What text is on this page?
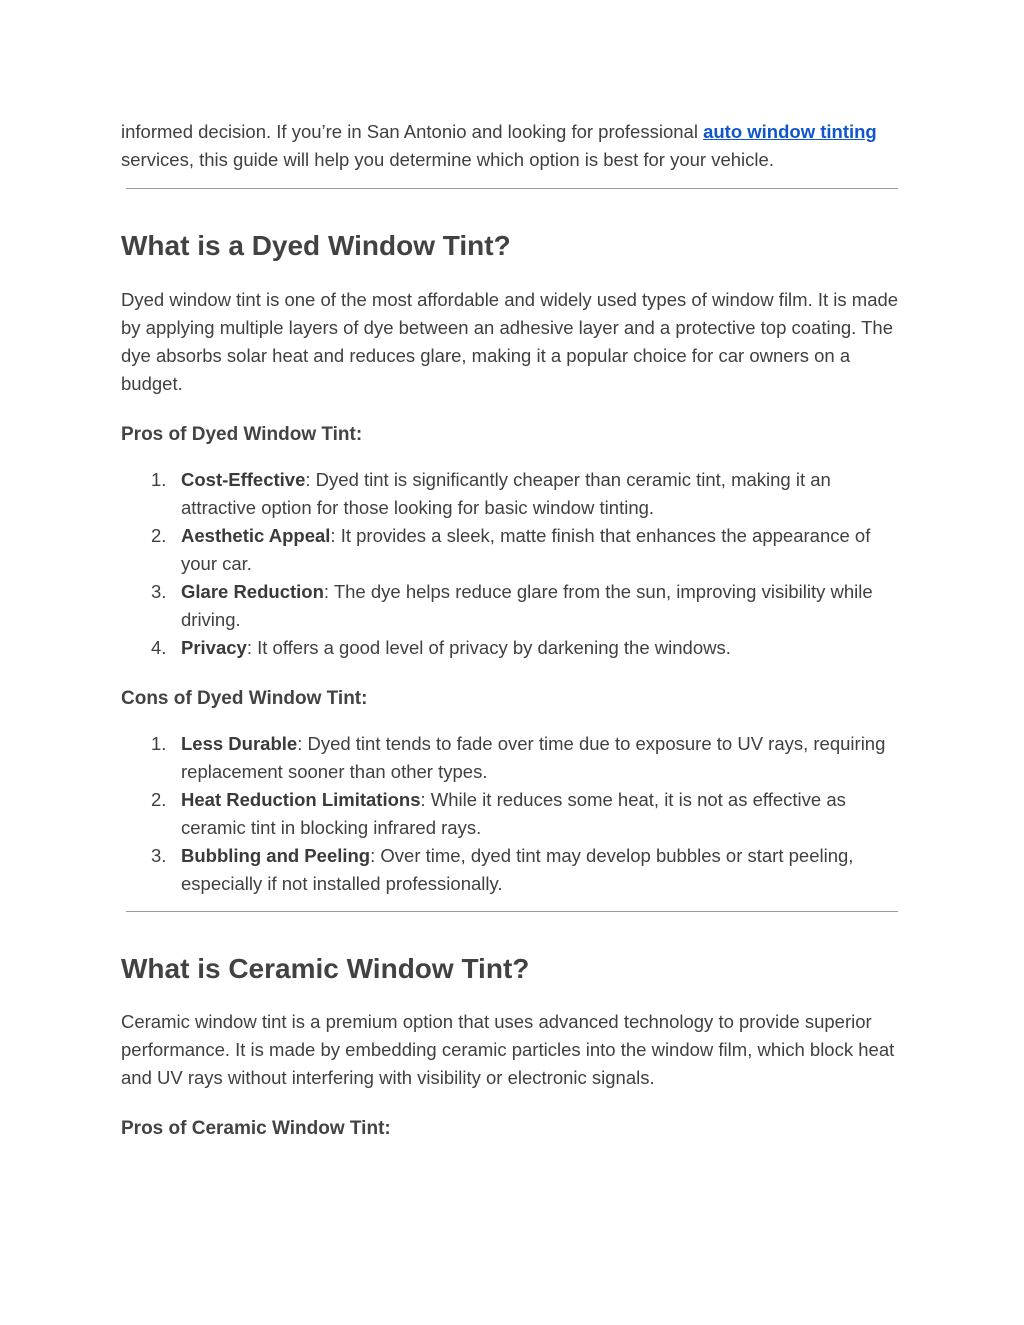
informed decision. If you’re in San Antonio and looking for professional auto window tinting services, this guide will help you determine which option is best for your vehicle.

What is a Dyed Window Tint?

Dyed window tint is one of the most affordable and widely used types of window film. It is made by applying multiple layers of dye between an adhesive layer and a protective top coating. The dye absorbs solar heat and reduces glare, making it a popular choice for car owners on a budget.

Pros of Dyed Window Tint:
1. Cost-Effective: Dyed tint is significantly cheaper than ceramic tint, making it an attractive option for those looking for basic window tinting.
2. Aesthetic Appeal: It provides a sleek, matte finish that enhances the appearance of your car.
3. Glare Reduction: The dye helps reduce glare from the sun, improving visibility while driving.
4. Privacy: It offers a good level of privacy by darkening the windows.
Cons of Dyed Window Tint:
1. Less Durable: Dyed tint tends to fade over time due to exposure to UV rays, requiring replacement sooner than other types.
2. Heat Reduction Limitations: While it reduces some heat, it is not as effective as ceramic tint in blocking infrared rays.
3. Bubbling and Peeling: Over time, dyed tint may develop bubbles or start peeling, especially if not installed professionally.
What is Ceramic Window Tint?

Ceramic window tint is a premium option that uses advanced technology to provide superior performance. It is made by embedding ceramic particles into the window film, which block heat and UV rays without interfering with visibility or electronic signals.

Pros of Ceramic Window Tint:
